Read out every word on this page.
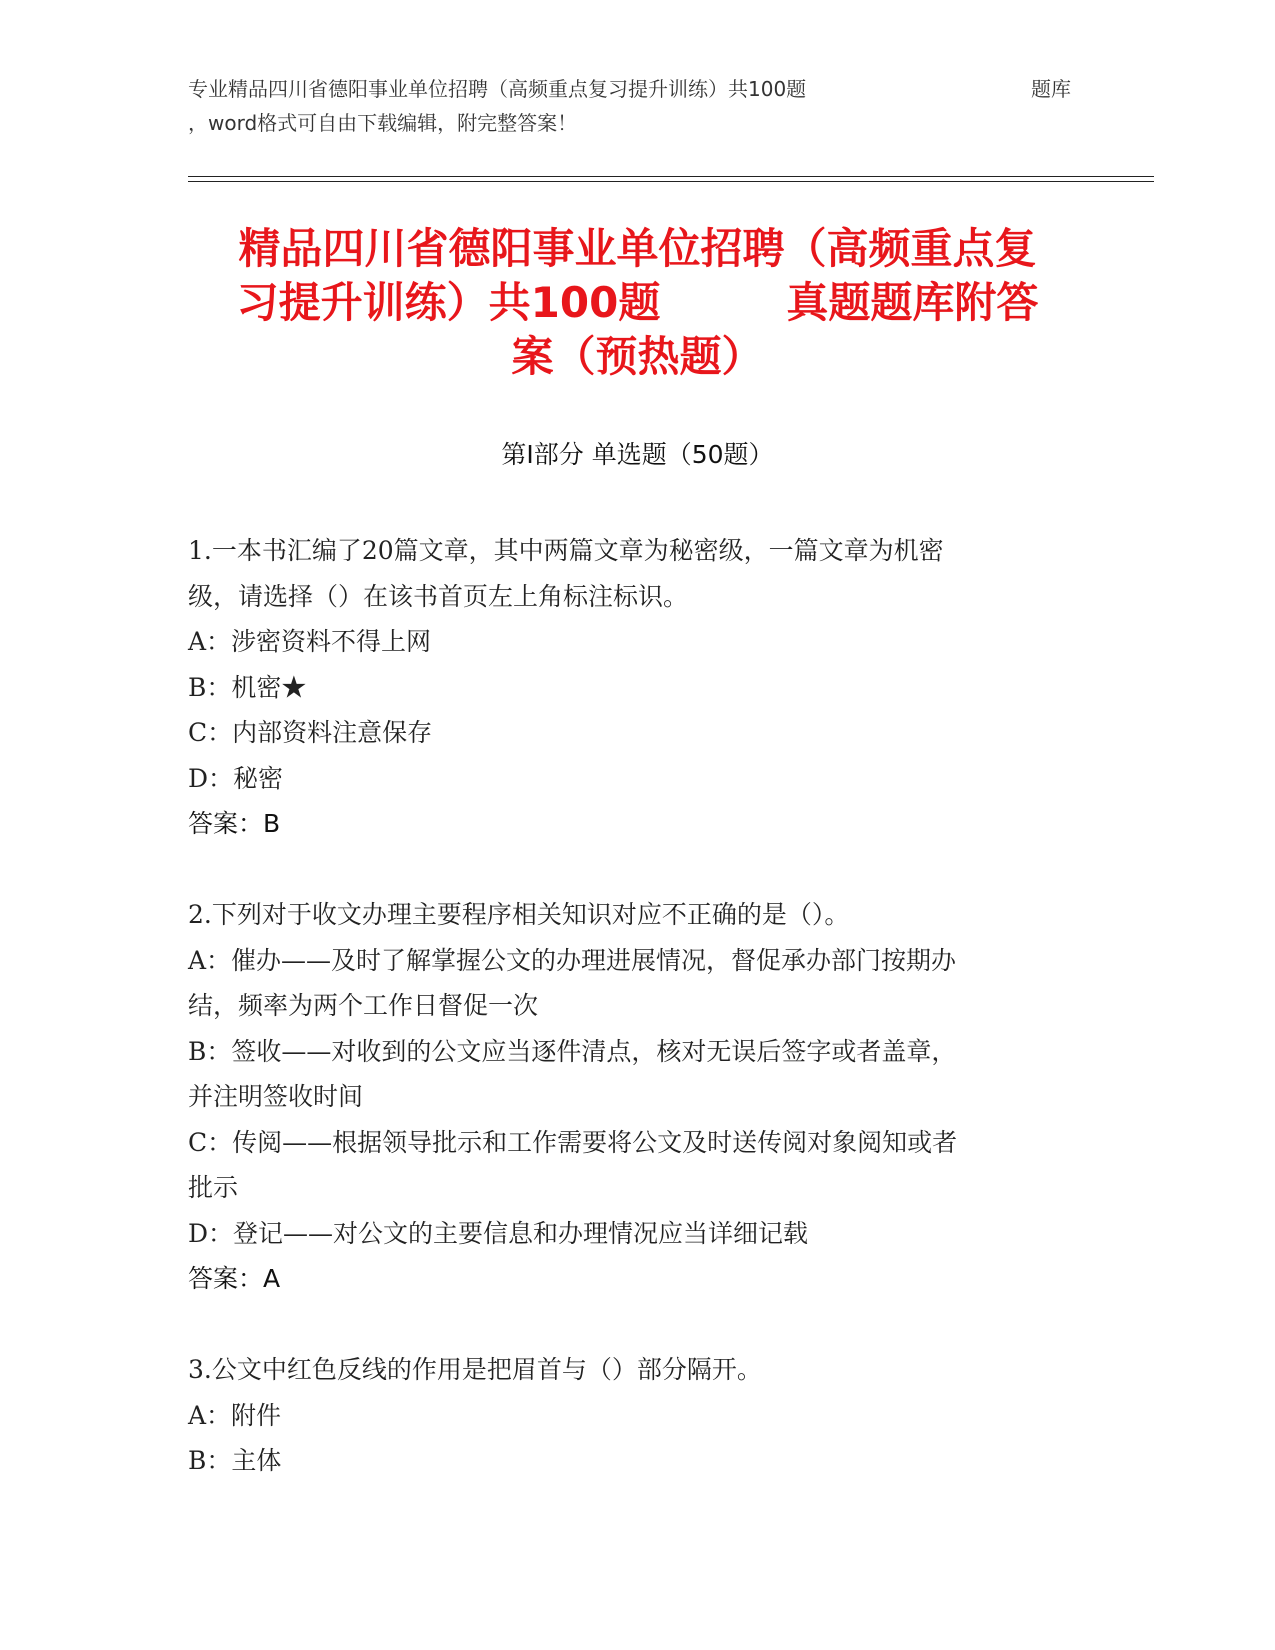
专业精品四川省德阳事业单位招聘（高频重点复习提升训练）共100题	题库
，word格式可自由下载编辑，附完整答案！
精品四川省德阳事业单位招聘（高频重点复
习提升训练）共100题　　　真题题库附答
案（预热题）
第I部分 单选题（50题）
1.一本书汇编了20篇文章，其中两篇文章为秘密级，一篇文章为机密
级，请选择（）在该书首页左上角标注标识。
A：涉密资料不得上网
B：机密★
C：内部资料注意保存
D：秘密
答案：B
2.下列对于收文办理主要程序相关知识对应不正确的是（）。
A：催办——及时了解掌握公文的办理进展情况，督促承办部门按期办
结，频率为两个工作日督促一次
B：签收——对收到的公文应当逐件清点，核对无误后签字或者盖章，
并注明签收时间
C：传阅——根据领导批示和工作需要将公文及时送传阅对象阅知或者
批示
D：登记——对公文的主要信息和办理情况应当详细记载
答案：A
3.公文中红色反线的作用是把眉首与（）部分隔开。
A：附件
B：主体
